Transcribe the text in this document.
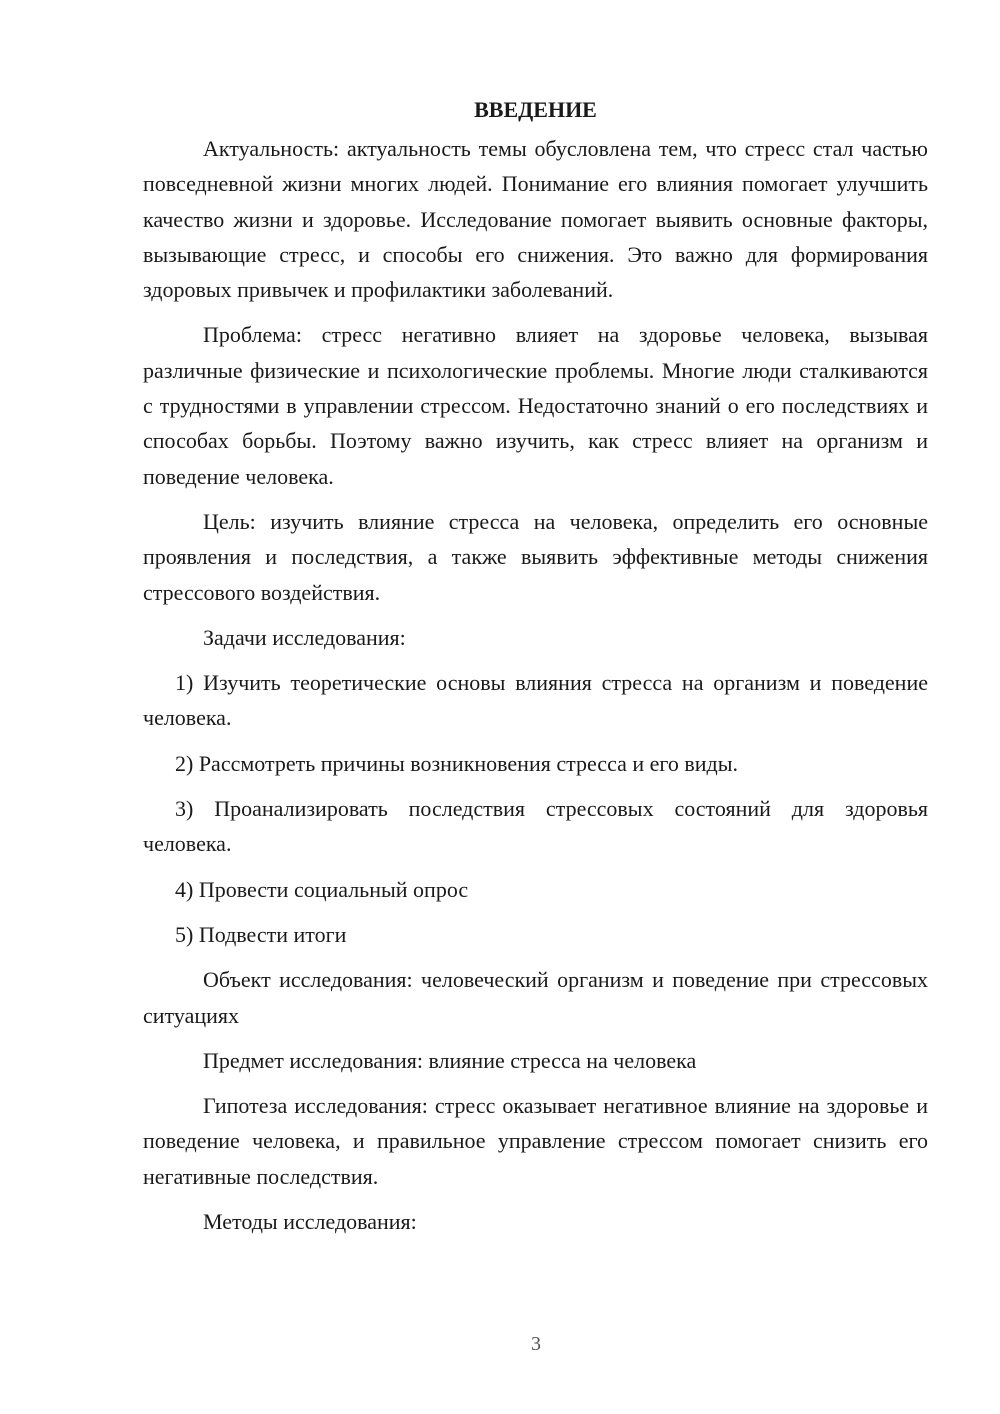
ВВЕДЕНИЕ

Актуальность: актуальность темы обусловлена тем, что стресс стал частью повседневной жизни многих людей. Понимание его влияния помогает улучшить качество жизни и здоровье. Исследование помогает выявить основные факторы, вызывающие стресс, и способы его снижения. Это важно для формирования здоровых привычек и профилактики заболеваний.

Проблема: стресс негативно влияет на здоровье человека, вызывая различные физические и психологические проблемы. Многие люди сталкиваются с трудностями в управлении стрессом. Недостаточно знаний о его последствиях и способах борьбы. Поэтому важно изучить, как стресс влияет на организм и поведение человека.

Цель: изучить влияние стресса на человека, определить его основные проявления и последствия, а также выявить эффективные методы снижения стрессового воздействия.

Задачи исследования:

1) Изучить теоретические основы влияния стресса на организм и поведение человека.

2) Рассмотреть причины возникновения стресса и его виды.

3) Проанализировать последствия стрессовых состояний для здоровья человека.

4) Провести социальный опрос

5) Подвести итоги

Объект исследования: человеческий организм и поведение при стрессовых ситуациях

Предмет исследования: влияние стресса на человека

Гипотеза исследования: стресс оказывает негативное влияние на здоровье и поведение человека, и правильное управление стрессом помогает снизить его негативные последствия.

Методы исследования:

3
